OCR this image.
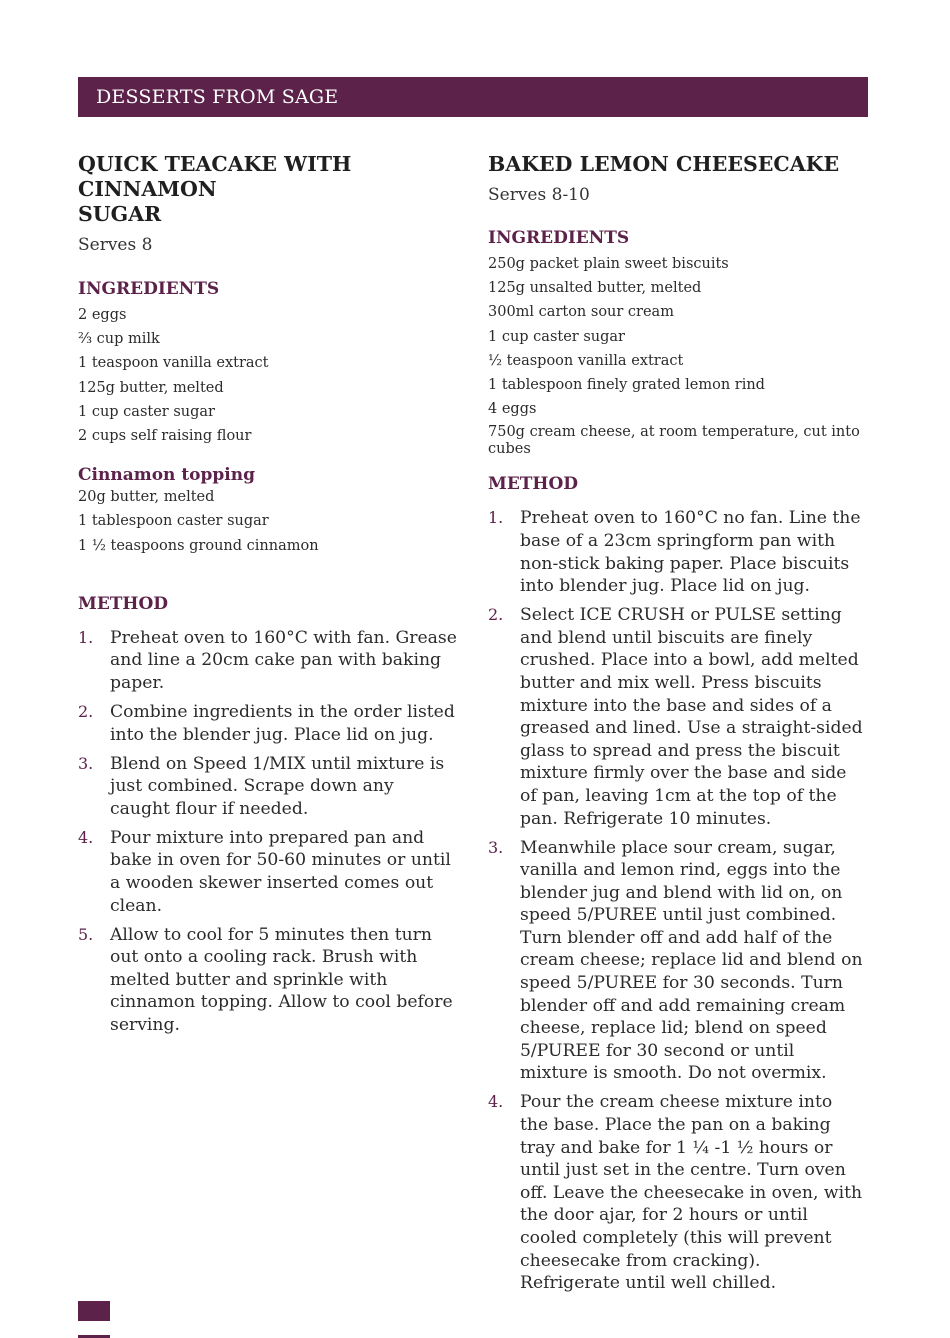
DESSERTS FROM SAGE
QUICK TEACAKE WITH CINNAMON
SUGAR
Serves 8
INGREDIENTS
2 eggs
⅔ cup milk
1 teaspoon vanilla extract
125g butter, melted
1 cup caster sugar
2 cups self raising flour
Cinnamon topping
20g butter, melted
1 tablespoon caster sugar
1 ½ teaspoons ground cinnamon
METHOD
1. Preheat oven to 160°C with fan. Grease and line a 20cm cake pan with baking paper.
2. Combine ingredients in the order listed into the blender jug. Place lid on jug.
3. Blend on Speed 1/MIX until mixture is just combined. Scrape down any caught flour if needed.
4. Pour mixture into prepared pan and bake in oven for 50-60 minutes or until a wooden skewer inserted comes out clean.
5. Allow to cool for 5 minutes then turn out onto a cooling rack. Brush with melted butter and sprinkle with cinnamon topping. Allow to cool before serving.
BAKED LEMON CHEESECAKE
Serves 8-10
INGREDIENTS
250g packet plain sweet biscuits
125g unsalted butter, melted
300ml carton sour cream
1 cup caster sugar
½ teaspoon vanilla extract
1 tablespoon finely grated lemon rind
4 eggs
750g cream cheese, at room temperature, cut into cubes
METHOD
1. Preheat oven to 160°C no fan. Line the base of a 23cm springform pan with non-stick baking paper. Place biscuits into blender jug. Place lid on jug.
2. Select ICE CRUSH or PULSE setting and blend until biscuits are finely crushed. Place into a bowl, add melted butter and mix well. Press biscuits mixture into the base and sides of a greased and lined. Use a straight-sided glass to spread and press the biscuit mixture firmly over the base and side of pan, leaving 1cm at the top of the pan. Refrigerate 10 minutes.
3. Meanwhile place sour cream, sugar, vanilla and lemon rind, eggs into the blender jug and blend with lid on, on speed 5/PUREE until just combined. Turn blender off and add half of the cream cheese; replace lid and blend on speed 5/PUREE for 30 seconds. Turn blender off and add remaining cream cheese, replace lid; blend on speed 5/PUREE for 30 second or until mixture is smooth. Do not overmix.
4. Pour the cream cheese mixture into the base. Place the pan on a baking tray and bake for 1 ¼ -1 ½ hours or until just set in the centre. Turn oven off. Leave the cheesecake in oven, with the door ajar, for 2 hours or until cooled completely (this will prevent cheesecake from cracking). Refrigerate until well chilled.
